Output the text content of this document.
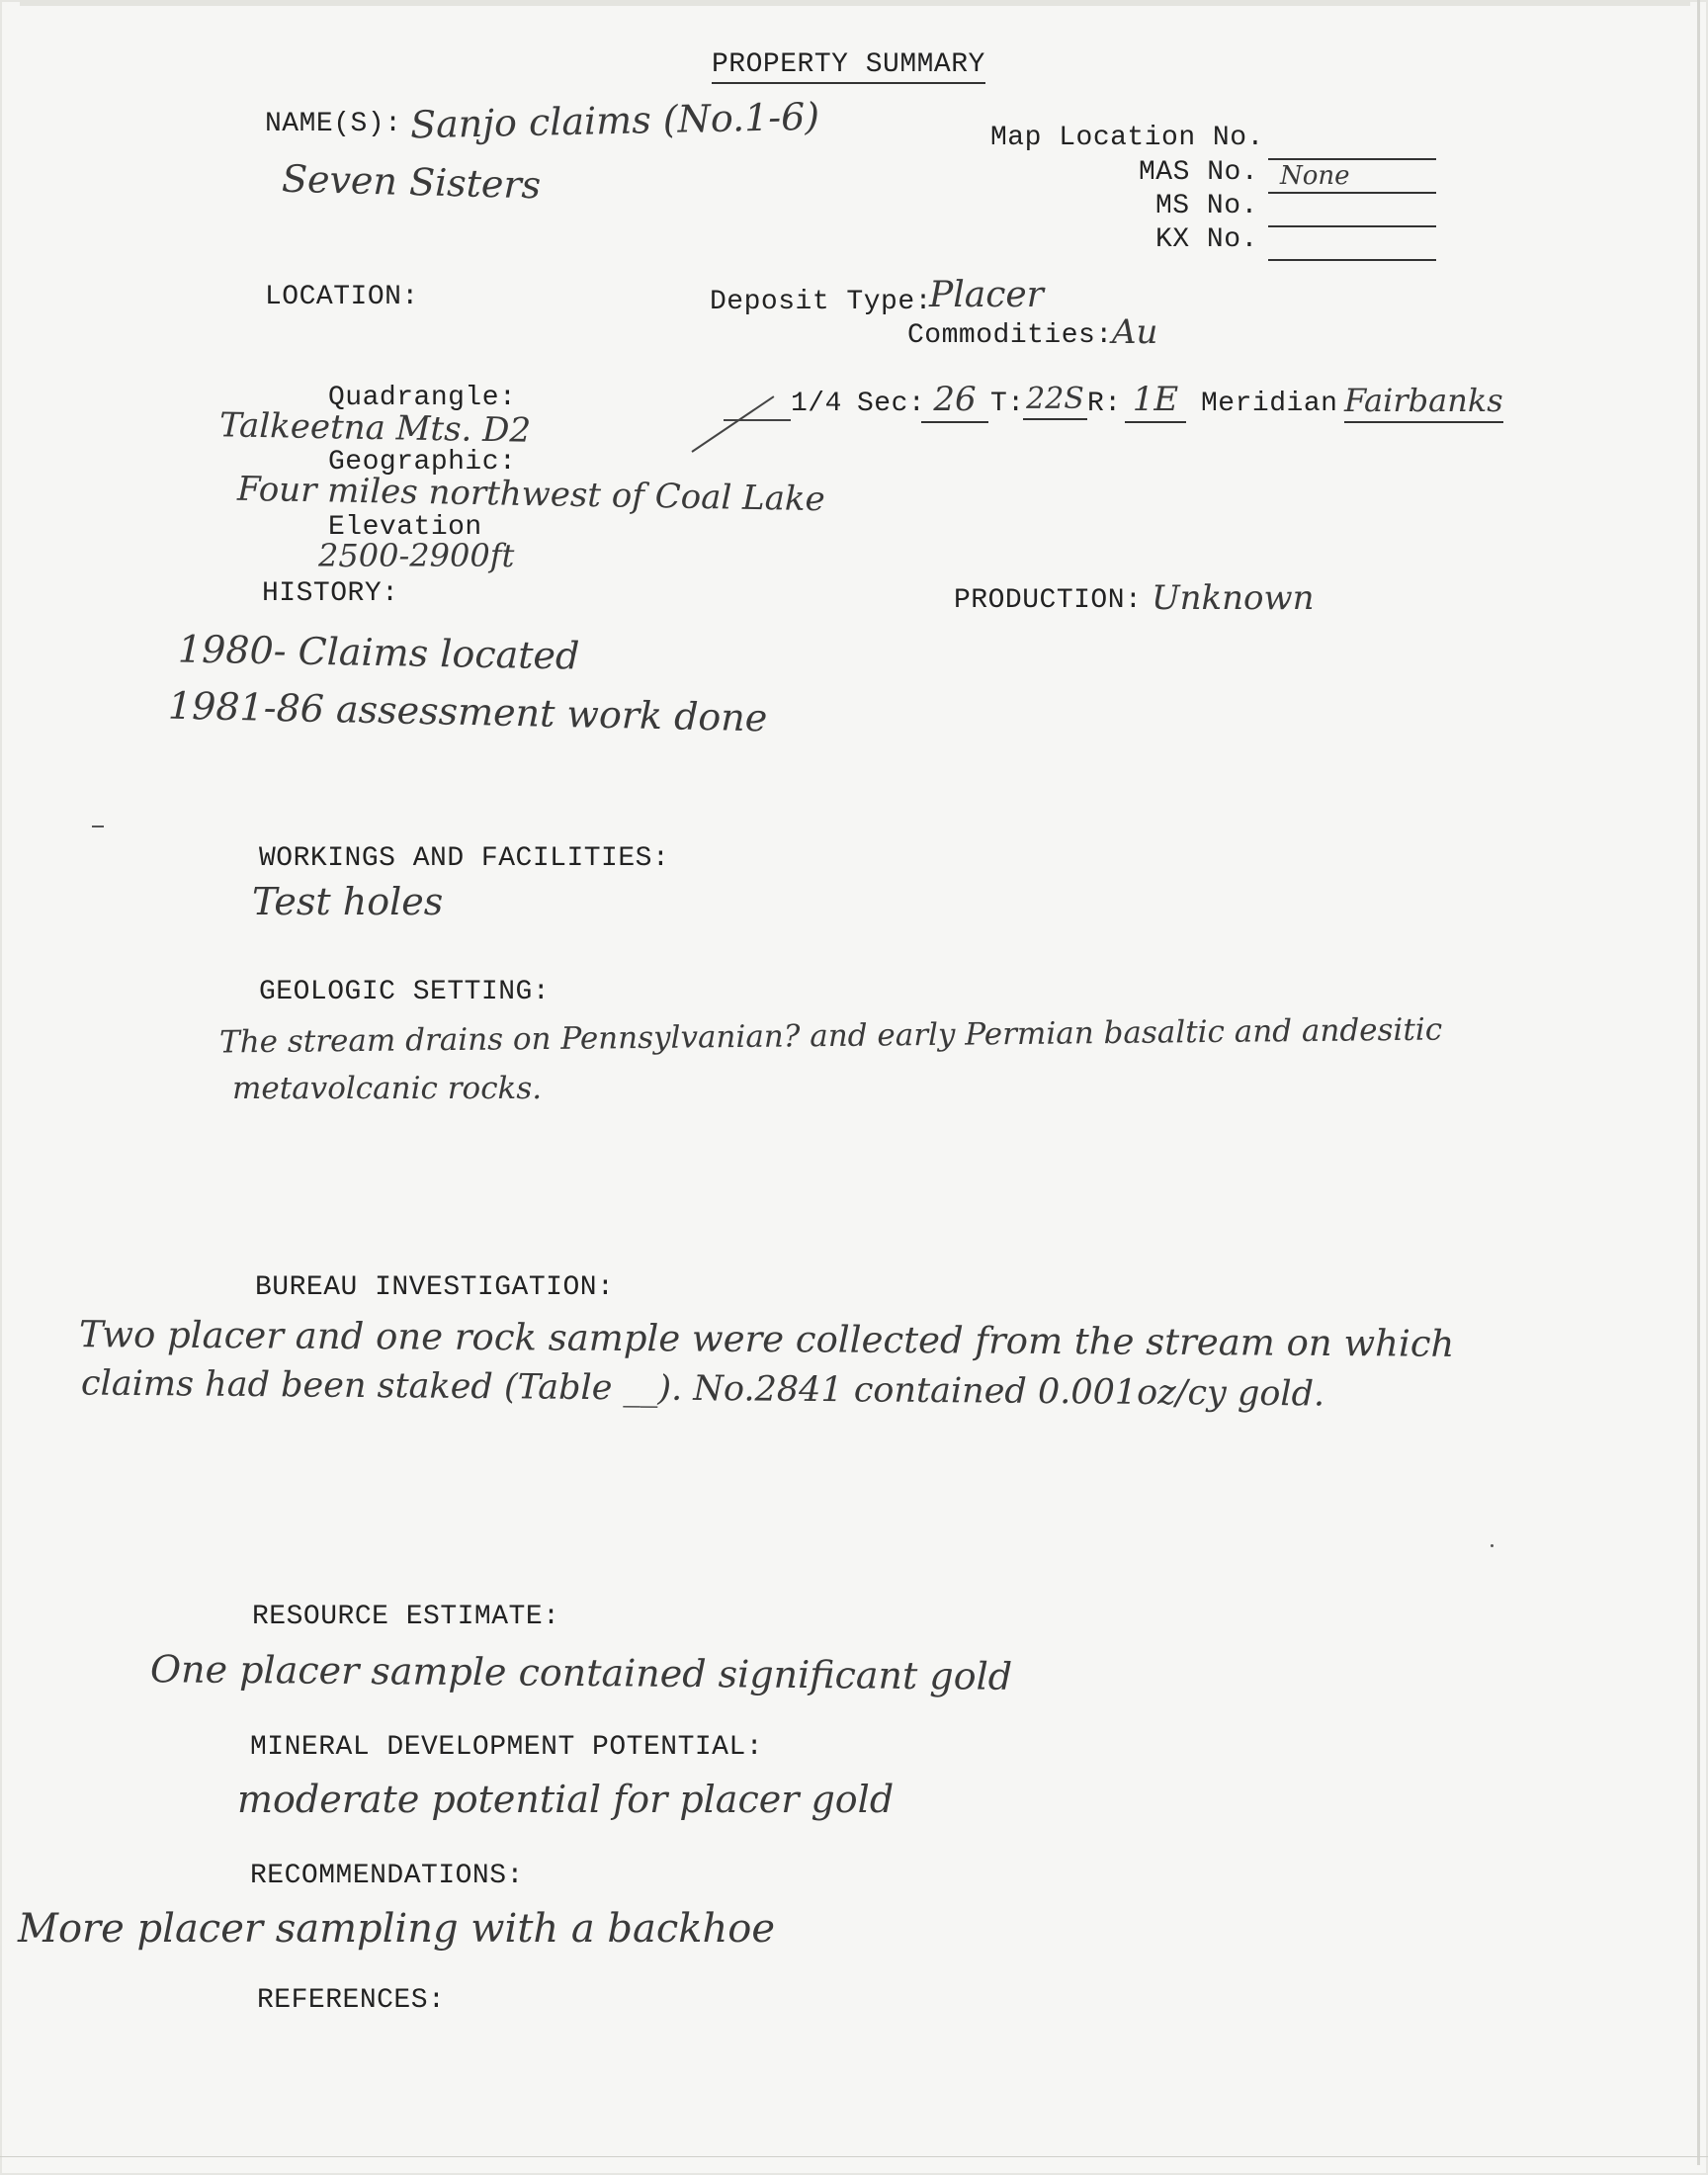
PROPERTY SUMMARY
NAME(S): Sanjo claims (No.1-6)
Seven Sisters
Map Location No.
MAS No. None
MS No.
KX No.
LOCATION:	Deposit Type:
Placer
Commodities: Au
Quadrangle:
Talkeetna Mts. D2
1/4 Sec: 26 T: 22S R: 1E Meridian Fairbanks
Geographic:
Four miles northwest of Coal Lake
Elevation
2500-2900ft
HISTORY:	PRODUCTION: Unknown
1980- Claims located
1981-86 assessment work done
WORKINGS AND FACILITIES:
Test holes
GEOLOGIC SETTING:
The stream drains on Pennsylvanian? and early Permian basaltic and andesitic
metavolcanic rocks.
BUREAU INVESTIGATION:
Two placer and one rock sample were collected from the stream on which
claims had been staked (Table __). No.2841 contained 0.001oz/cy gold.
RESOURCE ESTIMATE:
One placer sample contained significant gold
MINERAL DEVELOPMENT POTENTIAL:
moderate potential for placer gold
RECOMMENDATIONS:
More placer sampling with a backhoe
REFERENCES:
